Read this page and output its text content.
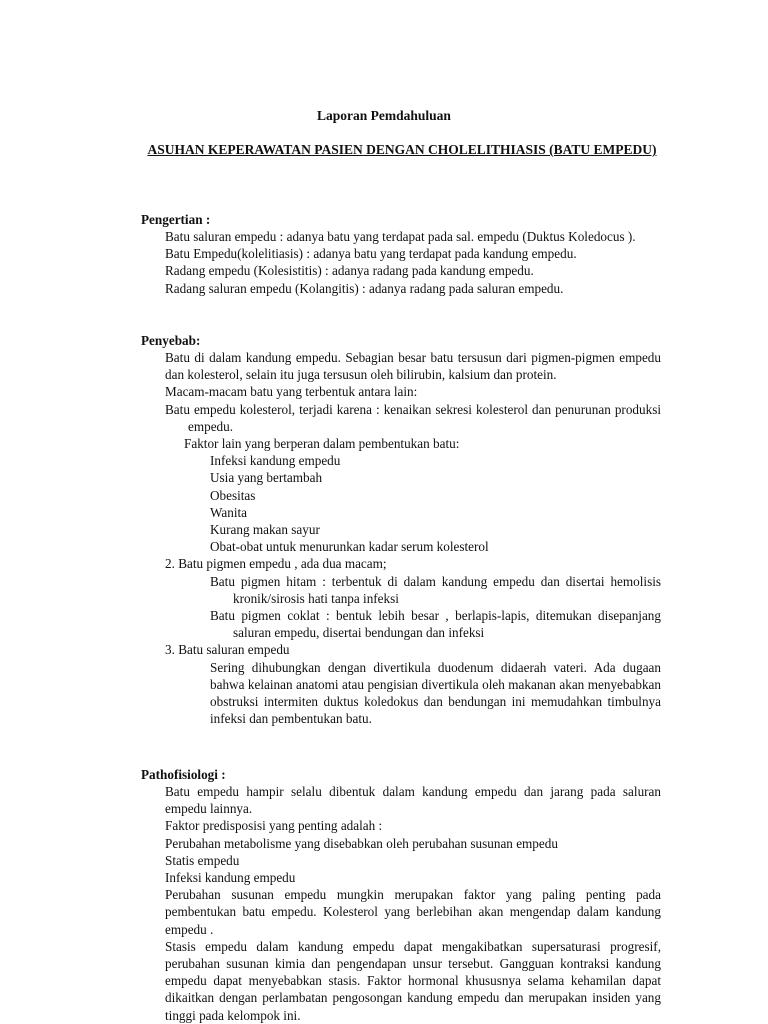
Laporan Pemdahuluan
ASUHAN KEPERAWATAN PASIEN DENGAN CHOLELITHIASIS (BATU EMPEDU)
Pengertian :

Batu saluran empedu : adanya batu yang terdapat pada sal. empedu (Duktus Koledocus ).

Batu Empedu(kolelitiasis) : adanya batu yang terdapat pada kandung empedu.

Radang empedu (Kolesistitis) : adanya radang pada kandung empedu.

Radang saluran empedu (Kolangitis) : adanya radang pada saluran empedu.

Penyebab:

Batu di dalam kandung empedu. Sebagian besar batu tersusun dari pigmen-pigmen empedu dan kolesterol, selain itu juga tersusun oleh bilirubin, kalsium dan protein.

Macam-macam batu yang terbentuk antara lain:

Batu empedu kolesterol, terjadi karena : kenaikan sekresi kolesterol dan penurunan produksi empedu.

Faktor lain yang berperan dalam pembentukan batu:

Infeksi kandung empedu

Usia yang bertambah

Obesitas

Wanita

Kurang makan sayur

Obat-obat untuk menurunkan kadar serum kolesterol

2. Batu pigmen empedu , ada dua macam;

Batu pigmen hitam : terbentuk di dalam kandung empedu dan disertai hemolisis kronik/sirosis hati tanpa infeksi

Batu pigmen coklat : bentuk lebih besar , berlapis-lapis, ditemukan disepanjang saluran empedu, disertai bendungan dan infeksi

3. Batu saluran empedu

Sering dihubungkan dengan divertikula duodenum didaerah vateri. Ada dugaan bahwa kelainan anatomi atau pengisian divertikula oleh makanan akan menyebabkan obstruksi intermiten duktus koledokus dan bendungan ini memudahkan timbulnya infeksi dan pembentukan batu.

Pathofisiologi :

Batu empedu hampir selalu dibentuk dalam kandung empedu dan jarang pada saluran empedu lainnya.

Faktor predisposisi yang penting adalah :

Perubahan metabolisme yang disebabkan oleh perubahan susunan empedu

Statis empedu

Infeksi kandung empedu

Perubahan susunan empedu mungkin merupakan faktor yang paling penting pada pembentukan batu empedu. Kolesterol yang berlebihan akan mengendap dalam kandung empedu .

Stasis empedu dalam kandung empedu dapat mengakibatkan supersaturasi progresif, perubahan susunan kimia dan pengendapan unsur tersebut. Gangguan kontraksi kandung empedu dapat menyebabkan stasis. Faktor hormonal khususnya selama kehamilan dapat dikaitkan dengan perlambatan pengosongan kandung empedu dan merupakan insiden yang tinggi pada kelompok ini.
